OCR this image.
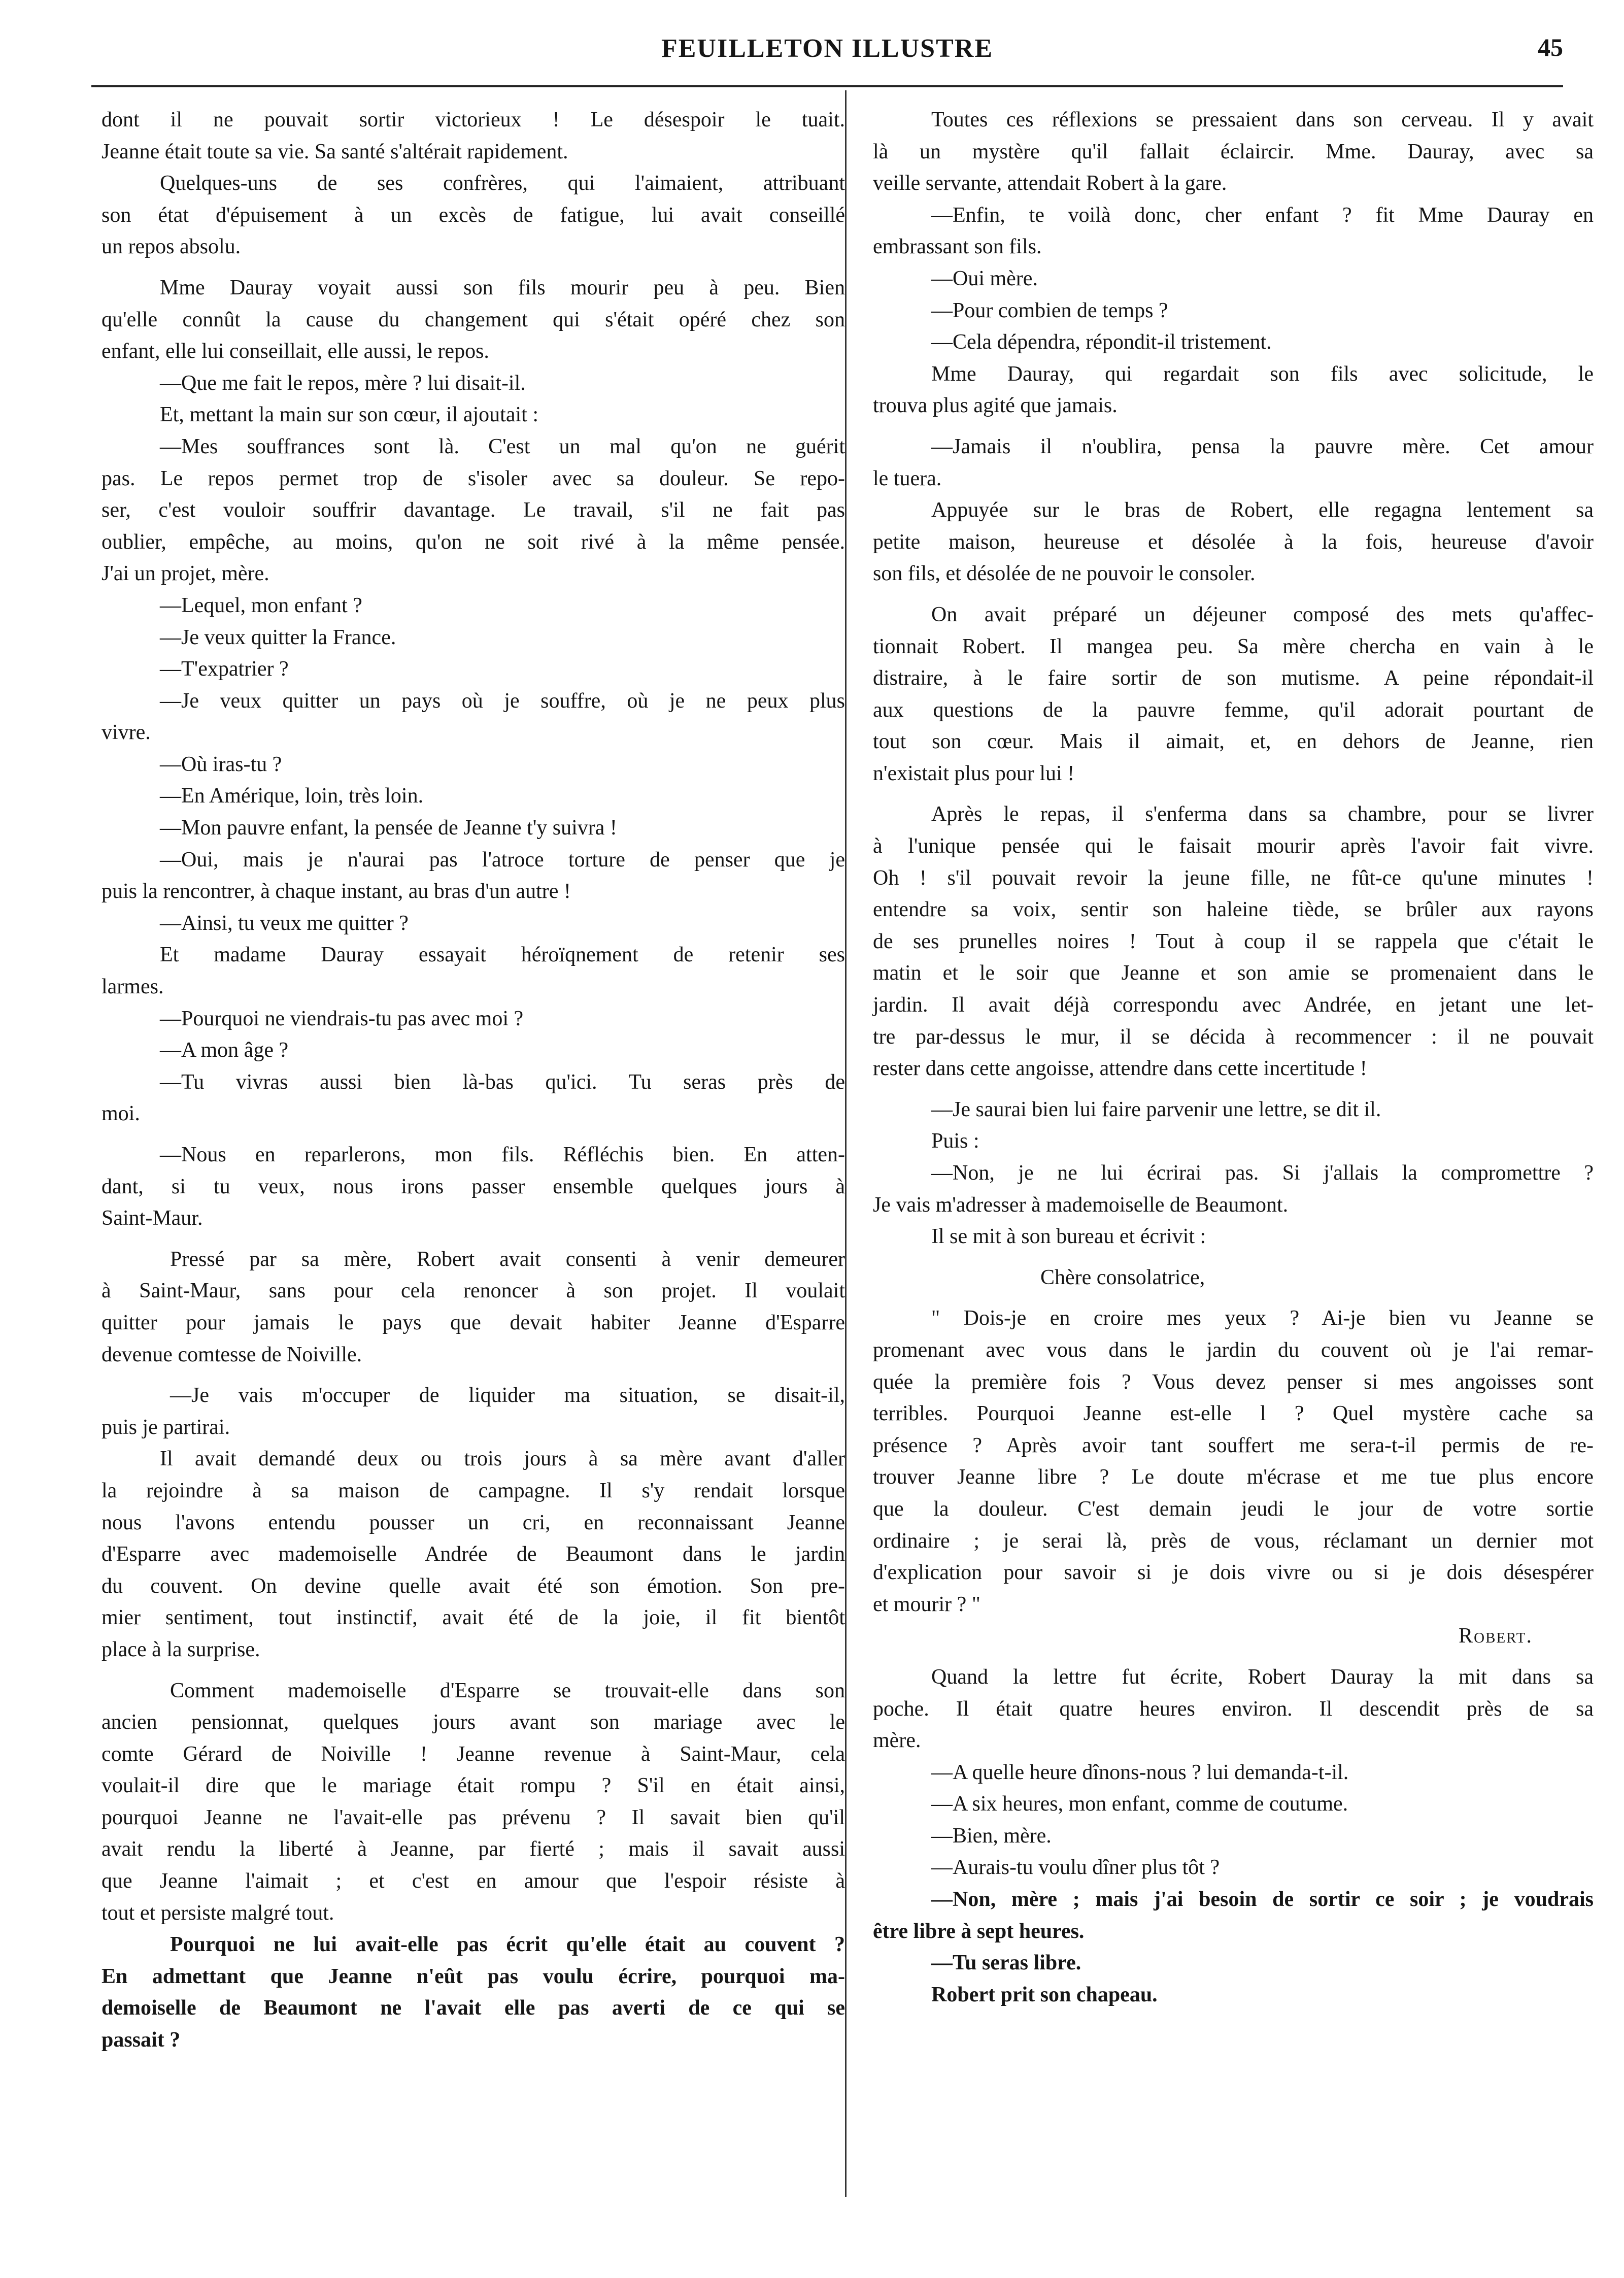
FEUILLETON ILLUSTRE	45
dont il ne pouvait sortir victorieux ! Le désespoir le tuait.
Jeanne était toute sa vie. Sa santé s'altérait rapidement.
Quelques-uns de ses confrères, qui l'aimaient, attribuant
son état d'épuisement à un excès de fatigue, lui avait conseillé
un repos absolu.
Mme Dauray voyait aussi son fils mourir peu à peu. Bien
qu'elle connût la cause du changement qui s'était opéré chez son
enfant, elle lui conseillait, elle aussi, le repos.
—Que me fait le repos, mère ? lui disait-il.
Et, mettant la main sur son cœur, il ajoutait :
—Mes souffrances sont là. C'est un mal qu'on ne guérit
pas. Le repos permet trop de s'isoler avec sa douleur. Se repo-
ser, c'est vouloir souffrir davantage. Le travail, s'il ne fait pas
oublier, empêche, au moins, qu'on ne soit rivé à la même pensée.
J'ai un projet, mère.
—Lequel, mon enfant ?
—Je veux quitter la France.
—T'expatrier ?
—Je veux quitter un pays où je souffre, où je ne peux plus
vivre.
—Où iras-tu ?
—En Amérique, loin, très loin.
—Mon pauvre enfant, la pensée de Jeanne t'y suivra !
—Oui, mais je n'aurai pas l'atroce torture de penser que je
puis la rencontrer, à chaque instant, au bras d'un autre !
—Ainsi, tu veux me quitter ?
Et madame Dauray essayait héroïqnement de retenir ses
larmes.
—Pourquoi ne viendrais-tu pas avec moi ?
—A mon âge ?
—Tu vivras aussi bien là-bas qu'ici. Tu seras près de
moi.
—Nous en reparlerons, mon fils. Réfléchis bien. En atten-
dant, si tu veux, nous irons passer ensemble quelques jours à
Saint-Maur.
Pressé par sa mère, Robert avait consenti à venir demeurer
à Saint-Maur, sans pour cela renoncer à son projet. Il voulait
quitter pour jamais le pays que devait habiter Jeanne d'Esparre
devenue comtesse de Noiville.
—Je vais m'occuper de liquider ma situation, se disait-il,
puis je partirai.
Il avait demandé deux ou trois jours à sa mère avant d'aller
la rejoindre à sa maison de campagne. Il s'y rendait lorsque
nous l'avons entendu pousser un cri, en reconnaissant Jeanne
d'Esparre avec mademoiselle Andrée de Beaumont dans le jardin
du couvent. On devine quelle avait été son émotion. Son pre-
mier sentiment, tout instinctif, avait été de la joie, il fit bientôt
place à la surprise.
Comment mademoiselle d'Esparre se trouvait-elle dans son
ancien pensionnat, quelques jours avant son mariage avec le
comte Gérard de Noiville ! Jeanne revenue à Saint-Maur, cela
voulait-il dire que le mariage était rompu ? S'il en était ainsi,
pourquoi Jeanne ne l'avait-elle pas prévenu ? Il savait bien qu'il
avait rendu la liberté à Jeanne, par fierté ; mais il savait aussi
que Jeanne l'aimait ; et c'est en amour que l'espoir résiste à
tout et persiste malgré tout.
Pourquoi ne lui avait-elle pas écrit qu'elle était au couvent ?
En admettant que Jeanne n'eût pas voulu écrire, pourquoi ma-
demoiselle de Beaumont ne l'avait elle pas averti de ce qui se
passait ?
Toutes ces réflexions se pressaient dans son cerveau. Il y avait
là un mystère qu'il fallait éclaircir. Mme. Dauray, avec sa
veille servante, attendait Robert à la gare.
—Enfin, te voilà donc, cher enfant ? fit Mme Dauray en
embrassant son fils.
—Oui mère.
—Pour combien de temps ?
—Cela dépendra, répondit-il tristement.
Mme Dauray, qui regardait son fils avec solicitude, le
trouva plus agité que jamais.
—Jamais il n'oublira, pensa la pauvre mère. Cet amour
le tuera.
Appuyée sur le bras de Robert, elle regagna lentement sa
petite maison, heureuse et désolée à la fois, heureuse d'avoir
son fils, et désolée de ne pouvoir le consoler.
On avait préparé un déjeuner composé des mets qu'affec-
tionnait Robert. Il mangea peu. Sa mère chercha en vain à le
distraire, à le faire sortir de son mutisme. A peine répondait-il
aux questions de la pauvre femme, qu'il adorait pourtant de
tout son cœur. Mais il aimait, et, en dehors de Jeanne, rien
n'existait plus pour lui !
Après le repas, il s'enferma dans sa chambre, pour se livrer
à l'unique pensée qui le faisait mourir après l'avoir fait vivre.
Oh ! s'il pouvait revoir la jeune fille, ne fût-ce qu'une minutes !
entendre sa voix, sentir son haleine tiède, se brûler aux rayons
de ses prunelles noires ! Tout à coup il se rappela que c'était le
matin et le soir que Jeanne et son amie se promenaient dans le
jardin. Il avait déjà correspondu avec Andrée, en jetant une let-
tre par-dessus le mur, il se décida à recommencer : il ne pouvait
rester dans cette angoisse, attendre dans cette incertitude !
—Je saurai bien lui faire parvenir une lettre, se dit il.
Puis :
—Non, je ne lui écrirai pas. Si j'allais la compromettre ?
Je vais m'adresser à mademoiselle de Beaumont.
Il se mit à son bureau et écrivit :
Chère consolatrice,
" Dois-je en croire mes yeux ? Ai-je bien vu Jeanne se
promenant avec vous dans le jardin du couvent où je l'ai remar-
quée la première fois ? Vous devez penser si mes angoisses sont
terribles. Pourquoi Jeanne est-elle l ? Quel mystère cache sa
présence ? Après avoir tant souffert me sera-t-il permis de re-
trouver Jeanne libre ? Le doute m'écrase et me tue plus encore
que la douleur. C'est demain jeudi le jour de votre sortie
ordinaire ; je serai là, près de vous, réclamant un dernier mot
d'explication pour savoir si je dois vivre ou si je dois désespérer
et mourir ? "
Robert.
Quand la lettre fut écrite, Robert Dauray la mit dans sa
poche. Il était quatre heures environ. Il descendit près de sa
mère.
—A quelle heure dînons-nous ? lui demanda-t-il.
—A six heures, mon enfant, comme de coutume.
—Bien, mère.
—Aurais-tu voulu dîner plus tôt ?
—Non, mère ; mais j'ai besoin de sortir ce soir ; je voudrais
être libre à sept heures.
—Tu seras libre.
Robert prit son chapeau.
